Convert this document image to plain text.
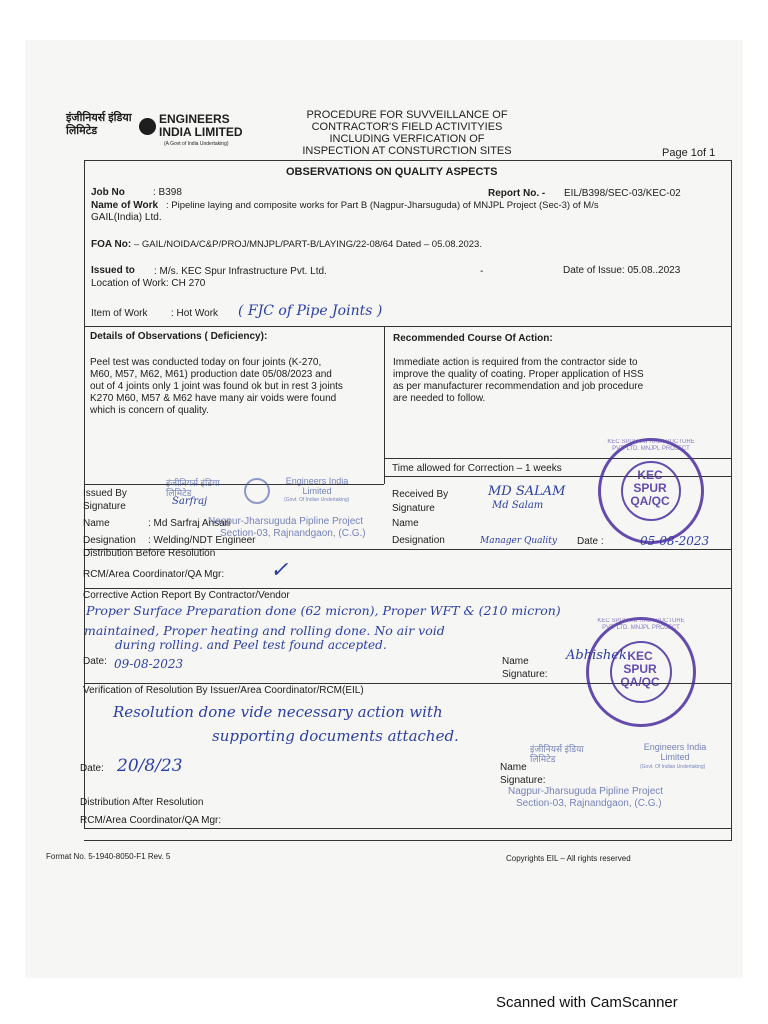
इंजीनियर्स इंडिया लिमिटेड
ENGINEERS INDIA LIMITED
(A Govt of India Undertaking)
PROCEDURE FOR SUVVEILLANCE OF
CONTRACTOR'S FIELD ACTIVITYIES
INCLUDING VERFICATION OF
INSPECTION AT CONSTURCTION SITES	Page 1of 1
OBSERVATIONS ON QUALITY ASPECTS
Job No	: B398	Report No. - EIL/B398/SEC-03/KEC-02
Name of Work : Pipeline laying and composite works for Part B (Nagpur-Jharsuguda) of MNJPL Project (Sec-3) of M/s
GAIL(India) Ltd.
FOA No: – GAIL/NOIDA/C&P/PROJ/MNJPL/PART-B/LAYING/22-08/64 Dated – 05.08.2023.
Issued to : M/s. KEC Spur Infrastructure Pvt. Ltd.	-	Date of Issue: 05.08..2023
Location of Work: CH 270
Item of Work : Hot Work ( FJC of Pipe Joints )
Details of Observations ( Deficiency):	Recommended Course Of Action:
Peel test was conducted today on four joints (K-270,
M60, M57, M62, M61) production date 05/08/2023 and
out of 4 joints only 1 joint was found ok but in rest 3 joints
K270 M60, M57 & M62 have many air voids were found
which is concern of quality.
Immediate action is required from the contractor side to
improve the quality of coating. Proper application of HSS
as per manufacturer recommendation and job procedure
are needed to follow.
Time allowed for Correction – 1 weeks
Issued By
Signature
Name	: Md Sarfraj Ansari
Designation : Welding/NDT Engineer
Sarfraj
Received By	MD SALAM
Signature	Md Salam
Name
Designation	Manager Quality Date :	05-08-2023
Distribution Before Resolution
RCM/Area Coordinator/QA Mgr: ✓
Corrective Action Report By Contractor/Vendor
Proper Surface Preparation done (62 micron), Proper WFT & (210 micron)
maintained, Proper heating and rolling done. No air void
during rolling. and Peel test found accepted.
Date: 09-08-2023	Name
Signature:
Abhishek
Verification of Resolution By Issuer/Area Coordinator/RCM(EIL)
Resolution done vide necessary action with
supporting documents attached.
Date: 20/8/23	Name
Signature:
Distribution After Resolution
RCM/Area Coordinator/QA Mgr:
Format No. 5-1940-8050-F1 Rev. 5	Copyrights EIL – All rights reserved
इंजीनियर्स इंडिया लिमिटेड
Engineers India Limited
(Govt. Of Indian Undertaking)
Nagpur-Jharsuguda Pipline Project
Section-03, Rajnandgaon, (C.G.)
इंजीनियर्स इंडिया लिमिटेड
Engineers India Limited
(Govt. Of Indian Undertaking)
Nagpur-Jharsuguda Pipline Project
Section-03, Rajnandgaon, (C.G.)
KEC SPUR INFRASTRUCTURE PVT. LTD. MNJPL PROJECT
KEC
SPUR
QA/QC
KEC SPUR INFRASTRUCTURE PVT. LTD. MNJPL PROJECT
KEC
SPUR
QA/QC
Scanned with CamScanner
